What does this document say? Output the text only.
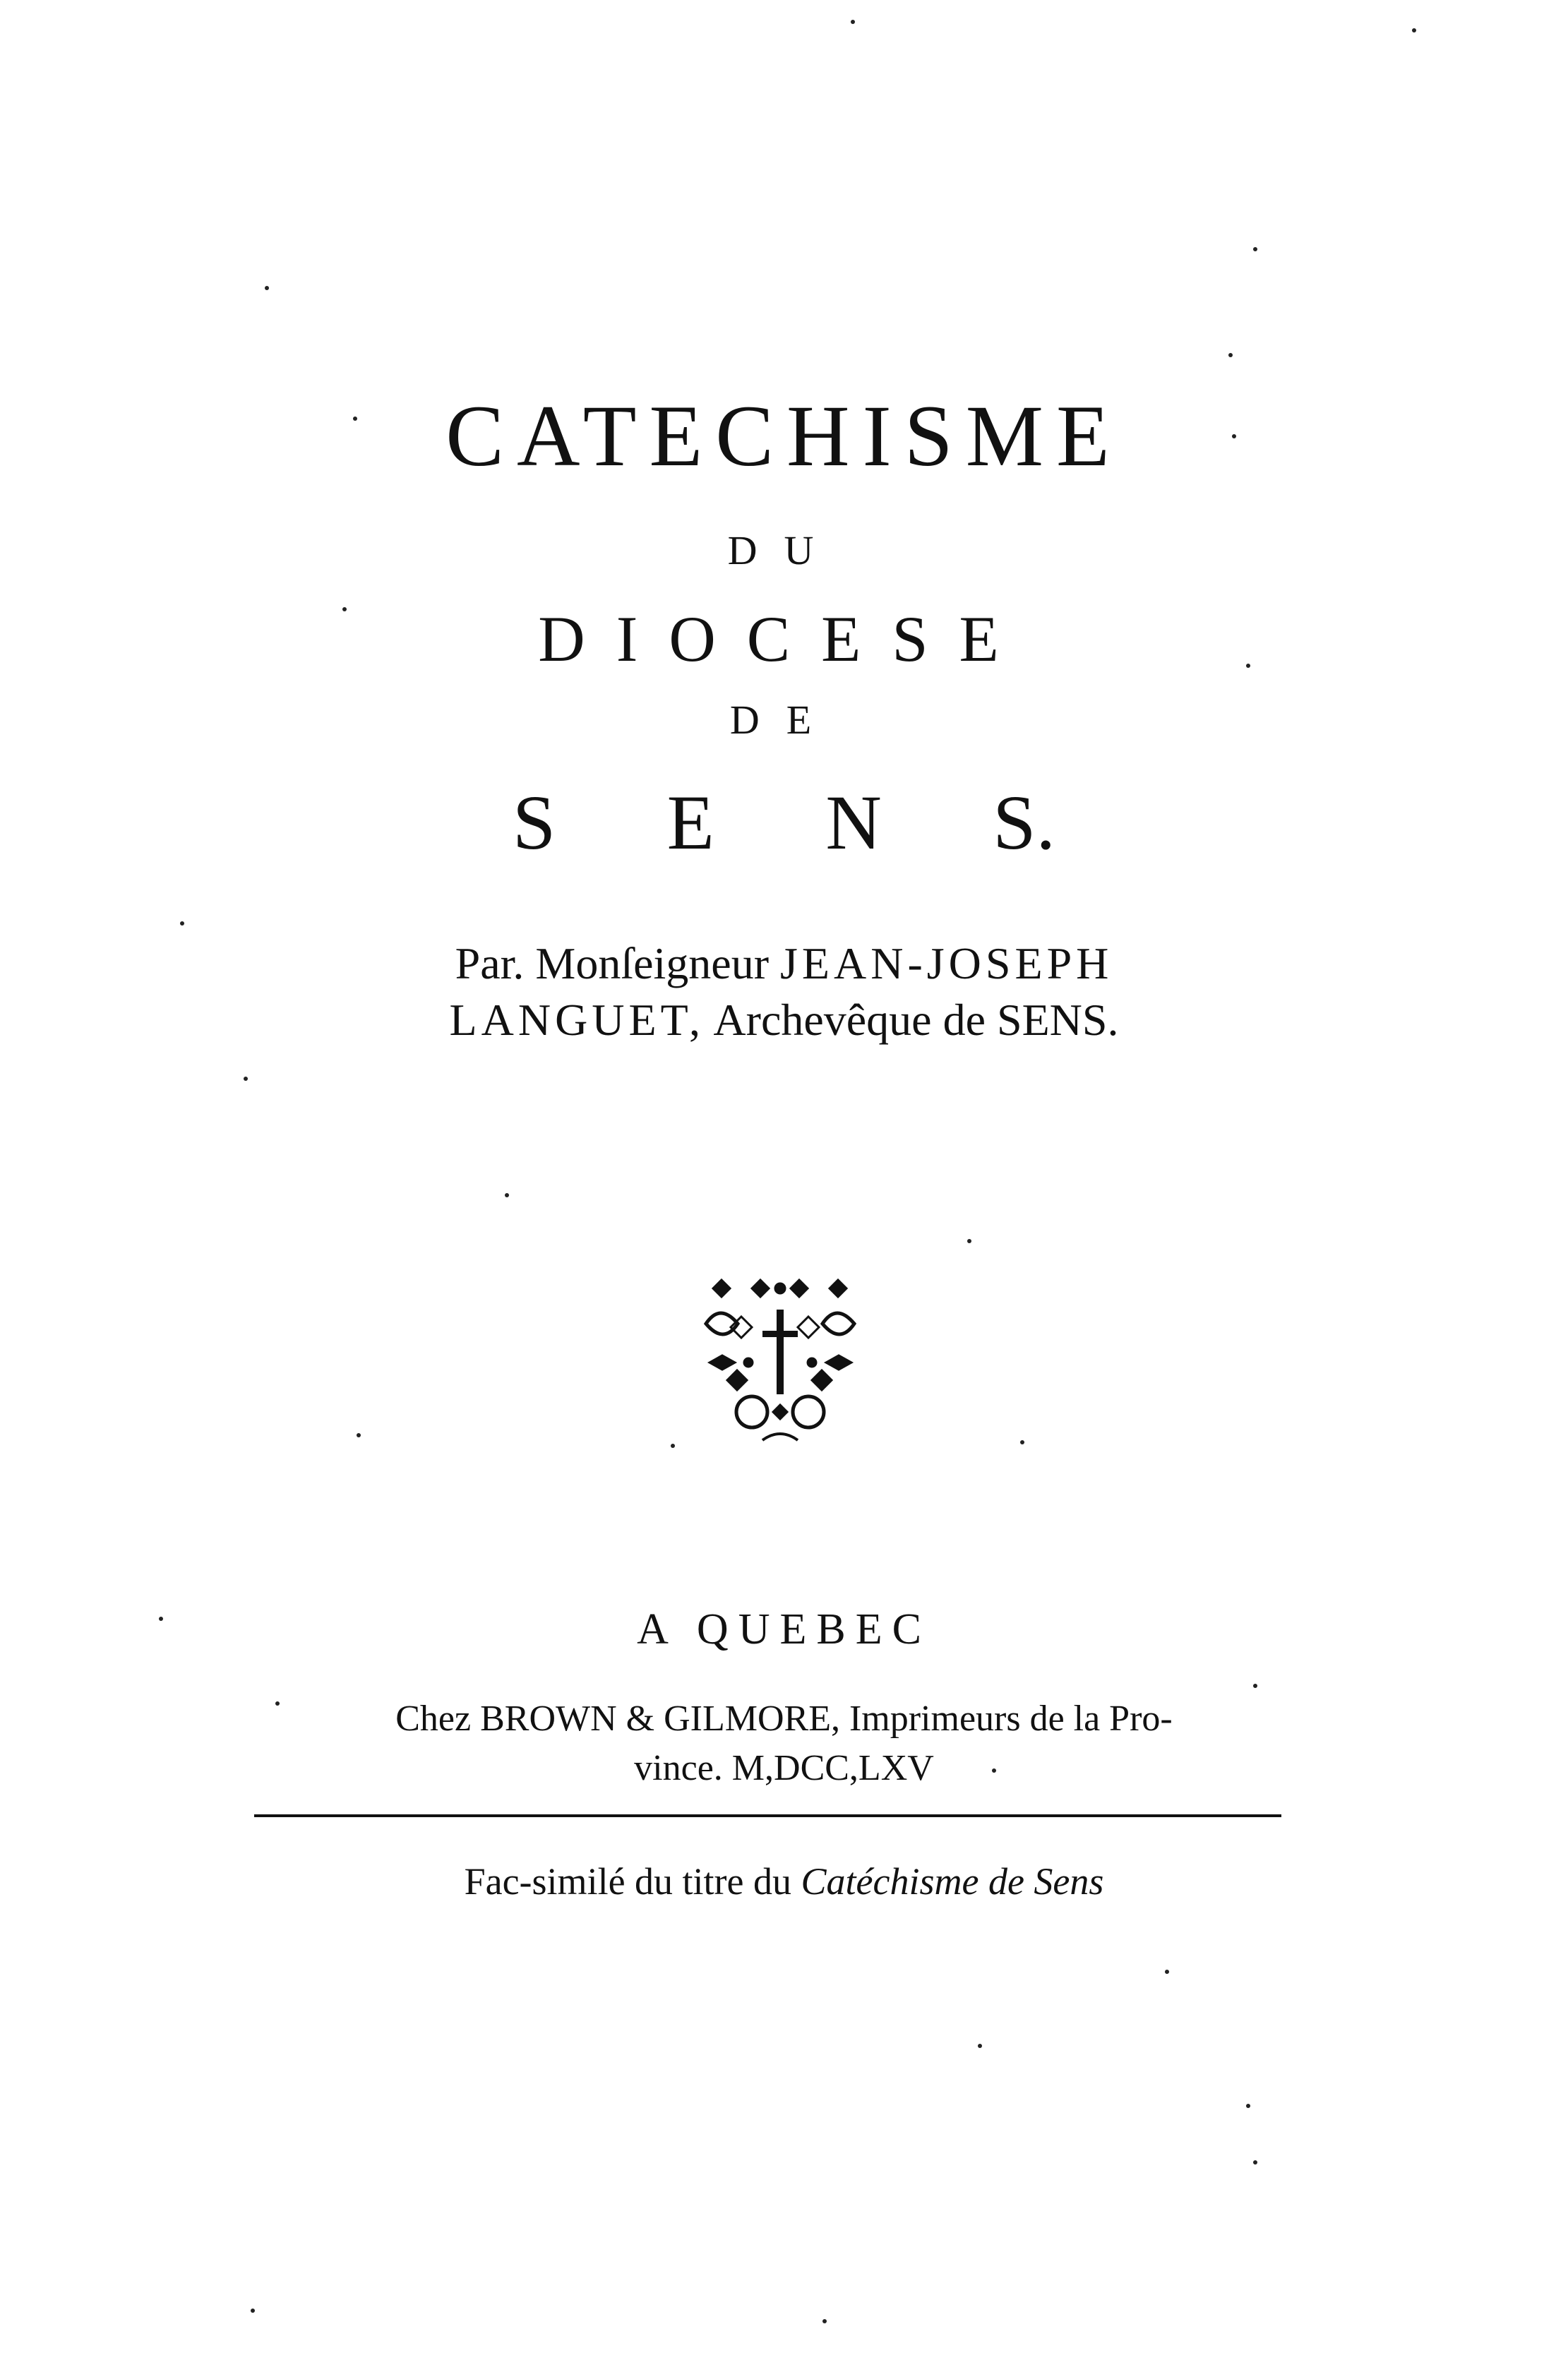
CATECHISME
DU
DIOCESE
DE
S E N S.
Par. Monſeigneur JEAN-JOSEPH
LANGUET, Archevêque de SENS.
A QUEBEC
Chez BROWN & GILMORE, Imprimeurs de la Pro-
vince. M,DCC,LXV
Fac-similé du titre du Catéchisme de Sens
